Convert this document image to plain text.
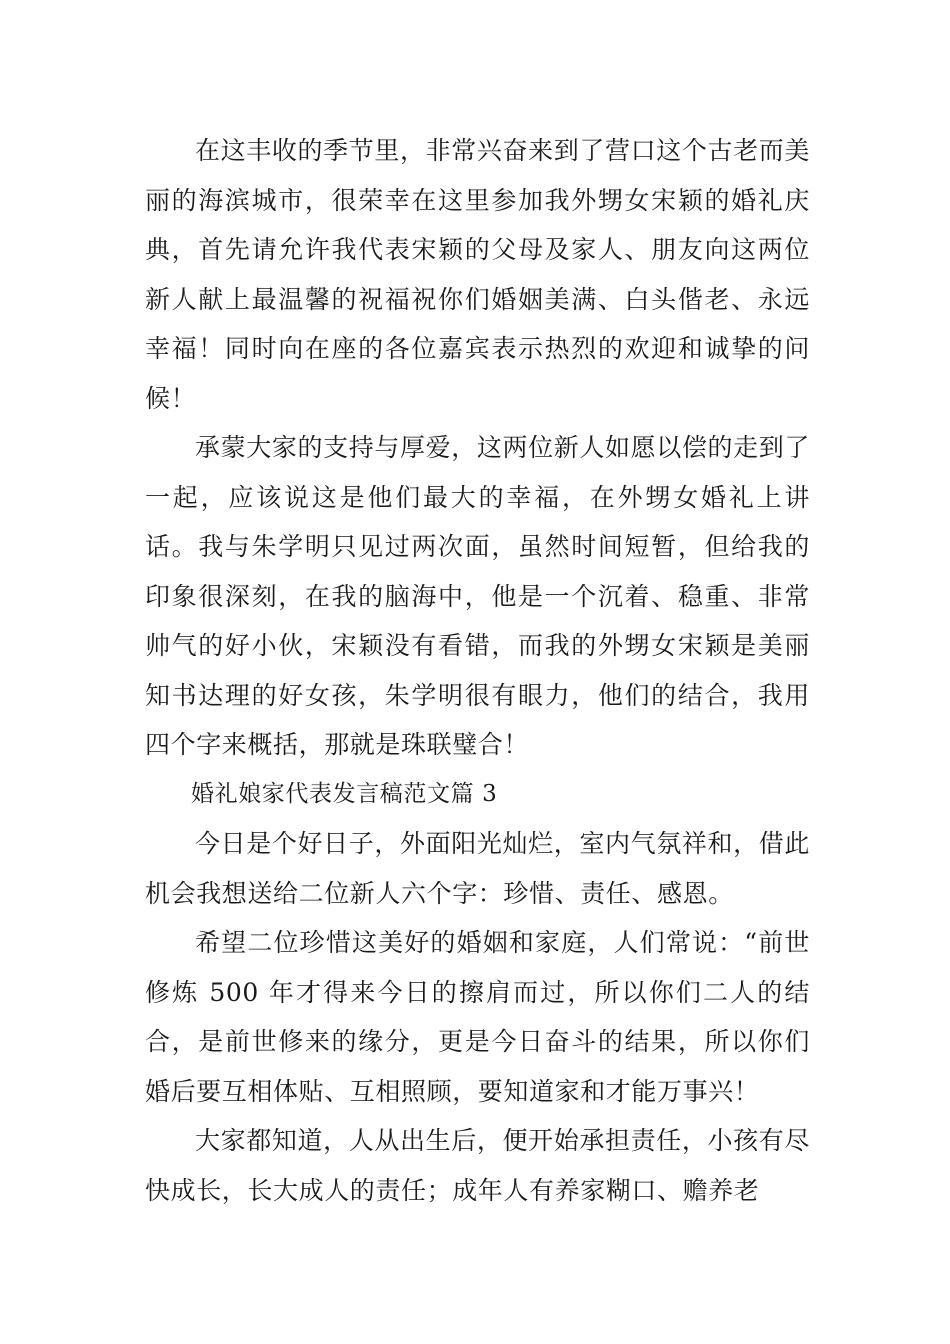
在这丰收的季节里，非常兴奋来到了营口这个古老而美丽的海滨城市，很荣幸在这里参加我外甥女宋颖的婚礼庆典，首先请允许我代表宋颖的父母及家人、朋友向这两位新人献上最温馨的祝福祝你们婚姻美满、白头偕老、永远幸福！同时向在座的各位嘉宾表示热烈的欢迎和诚挚的问候！

承蒙大家的支持与厚爱，这两位新人如愿以偿的走到了一起，应该说这是他们最大的幸福，在外甥女婚礼上讲话。我与朱学明只见过两次面，虽然时间短暂，但给我的印象很深刻，在我的脑海中，他是一个沉着、稳重、非常帅气的好小伙，宋颖没有看错，而我的外甥女宋颖是美丽知书达理的好女孩，朱学明很有眼力，他们的结合，我用四个字来概括，那就是珠联璧合！

婚礼娘家代表发言稿范文篇 3

今日是个好日子，外面阳光灿烂，室内气氛祥和，借此机会我想送给二位新人六个字：珍惜、责任、感恩。

希望二位珍惜这美好的婚姻和家庭，人们常说：“前世修炼 500 年才得来今日的擦肩而过，所以你们二人的结合，是前世修来的缘分，更是今日奋斗的结果，所以你们婚后要互相体贴、互相照顾，要知道家和才能万事兴！

大家都知道，人从出生后，便开始承担责任，小孩有尽快成长，长大成人的责任；成年人有养家糊口、赡养老
